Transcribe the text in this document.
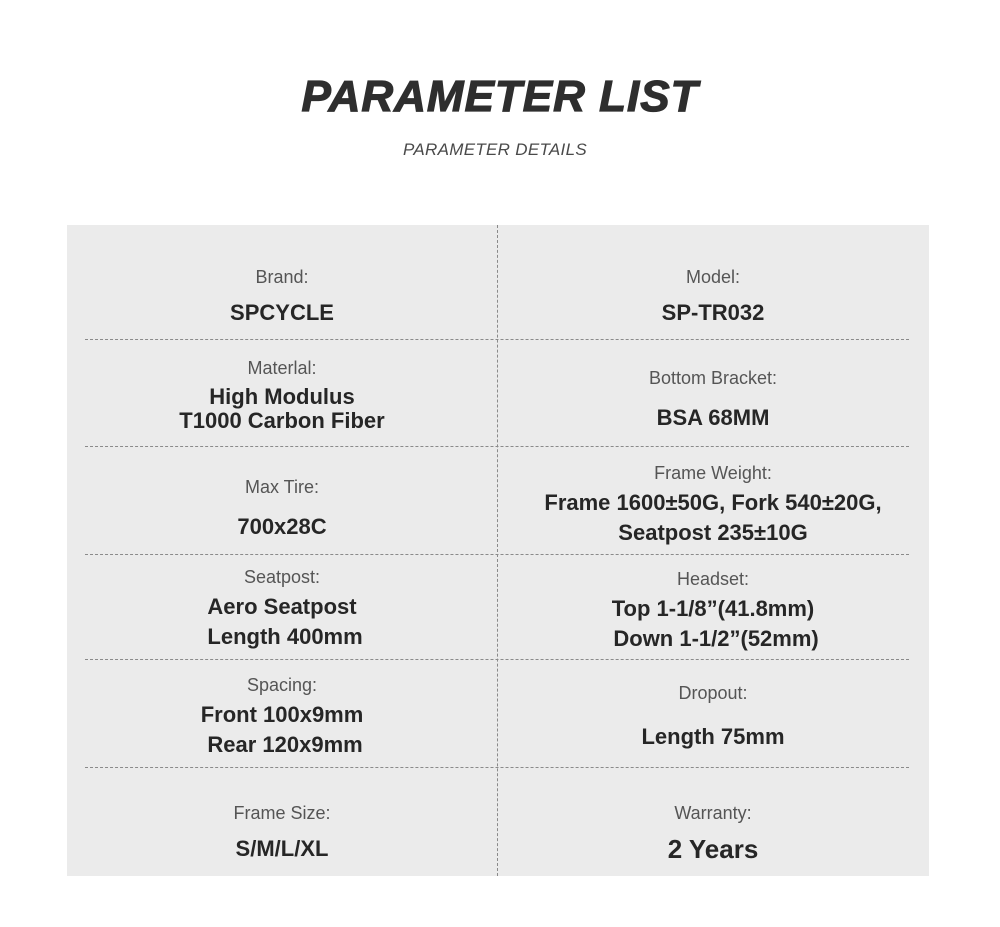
PARAMETER LIST
PARAMETER DETAILS
Brand:
SPCYCLE
Model:
SP-TR032
Materlal:
High Modulus
T1000 Carbon Fiber
Bottom Bracket:
BSA 68MM
Max Tire:
700x28C
Frame Weight:
Frame 1600±50G, Fork 540±20G,
Seatpost 235±10G
Seatpost:
Aero Seatpost
Length 400mm
Headset:
Top 1-1/8”(41.8mm)
Down 1-1/2”(52mm)
Spacing:
Front 100x9mm
Rear 120x9mm
Dropout:
Length 75mm
Frame Size:
S/M/L/XL
Warranty:
2 Years
